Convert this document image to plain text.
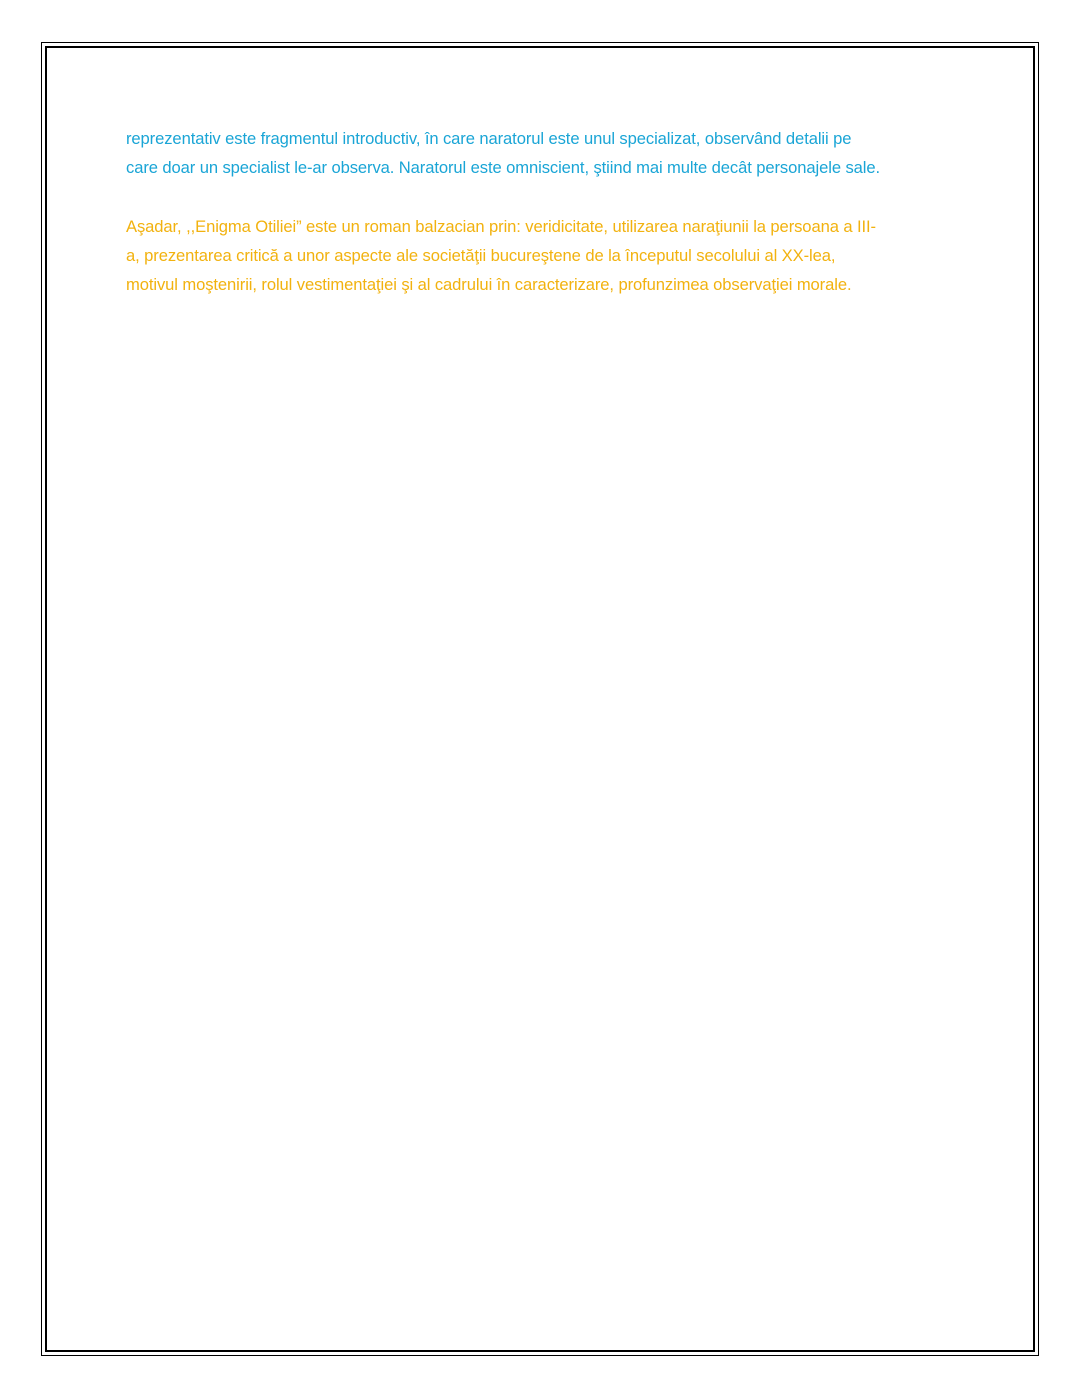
reprezentativ este fragmentul introductiv, în care naratorul este unul specializat, observând detalii pe
care doar un specialist le-ar observa. Naratorul este omniscient, ştiind mai multe decât personajele sale.

Aşadar, ,,Enigma Otiliei” este un roman balzacian prin: veridicitate, utilizarea naraţiunii la persoana a III-
a, prezentarea critică a unor aspecte ale societăţii bucureştene de la începutul secolului al XX-lea,
motivul moştenirii, rolul vestimentaţiei şi al cadrului în caracterizare, profunzimea observaţiei morale.
